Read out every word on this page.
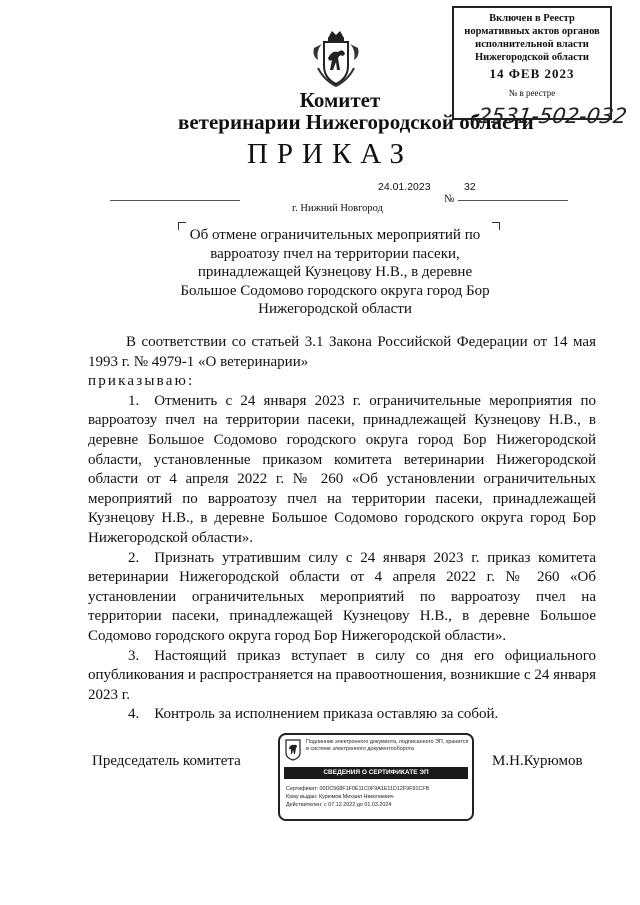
Включен в Реестр
нормативных актов органов
исполнительной власти
Нижегородской области
14 ФЕВ 2023
№ в реестре
Комитет
ветеринарии Нижегородской области
2531-502-032
ПРИКАЗ
24.01.2023
№
32
г. Нижний Новгород
Об отмене ограничительных мероприятий по
варроатозу пчел на территории пасеки,
принадлежащей Кузнецову Н.В., в деревне
Большое Содомово городского округа город Бор
Нижегородской области

В соответствии со статьей 3.1 Закона Российской Федерации от 14 мая 1993 г. № 4979-1 «О ветеринарии»

приказываю:

1. Отменить с 24 января 2023 г. ограничительные мероприятия по варроатозу пчел на территории пасеки, принадлежащей Кузнецову Н.В., в деревне Большое Содомово городского округа город Бор Нижегородской области, установленные приказом комитета ветеринарии Нижегородской области от 4 апреля 2022 г. № 260 «Об установлении ограничительных мероприятий по варроатозу пчел на территории пасеки, принадлежащей Кузнецову Н.В., в деревне Большое Содомово городского округа город Бор Нижегородской области».

2. Признать утратившим силу с 24 января 2023 г. приказ комитета ветеринарии Нижегородской области от 4 апреля 2022 г. № 260 «Об установлении ограничительных мероприятий по варроатозу пчел на территории пасеки, принадлежащей Кузнецову Н.В., в деревне Большое Содомово городского округа город Бор Нижегородской области».

3. Настоящий приказ вступает в силу со дня его официального опубликования и распространяется на правоотношения, возникшие с 24 января 2023 г.

4. Контроль за исполнением приказа оставляю за собой.

Председатель комитета
Подлинник электронного документа, подписанного ЭП, хранится в системе электронного документооборота
СВЕДЕНИЯ О СЕРТИФИКАТЕ ЭП
Сертификат: 00DC568F1F0E11C0F9A1E11D12F9F91CFB
Кому выдан: Курюмов Михаил Николаевич
Действителен: с 07.12.2022 до 01.03.2024
М.Н.Курюмов
